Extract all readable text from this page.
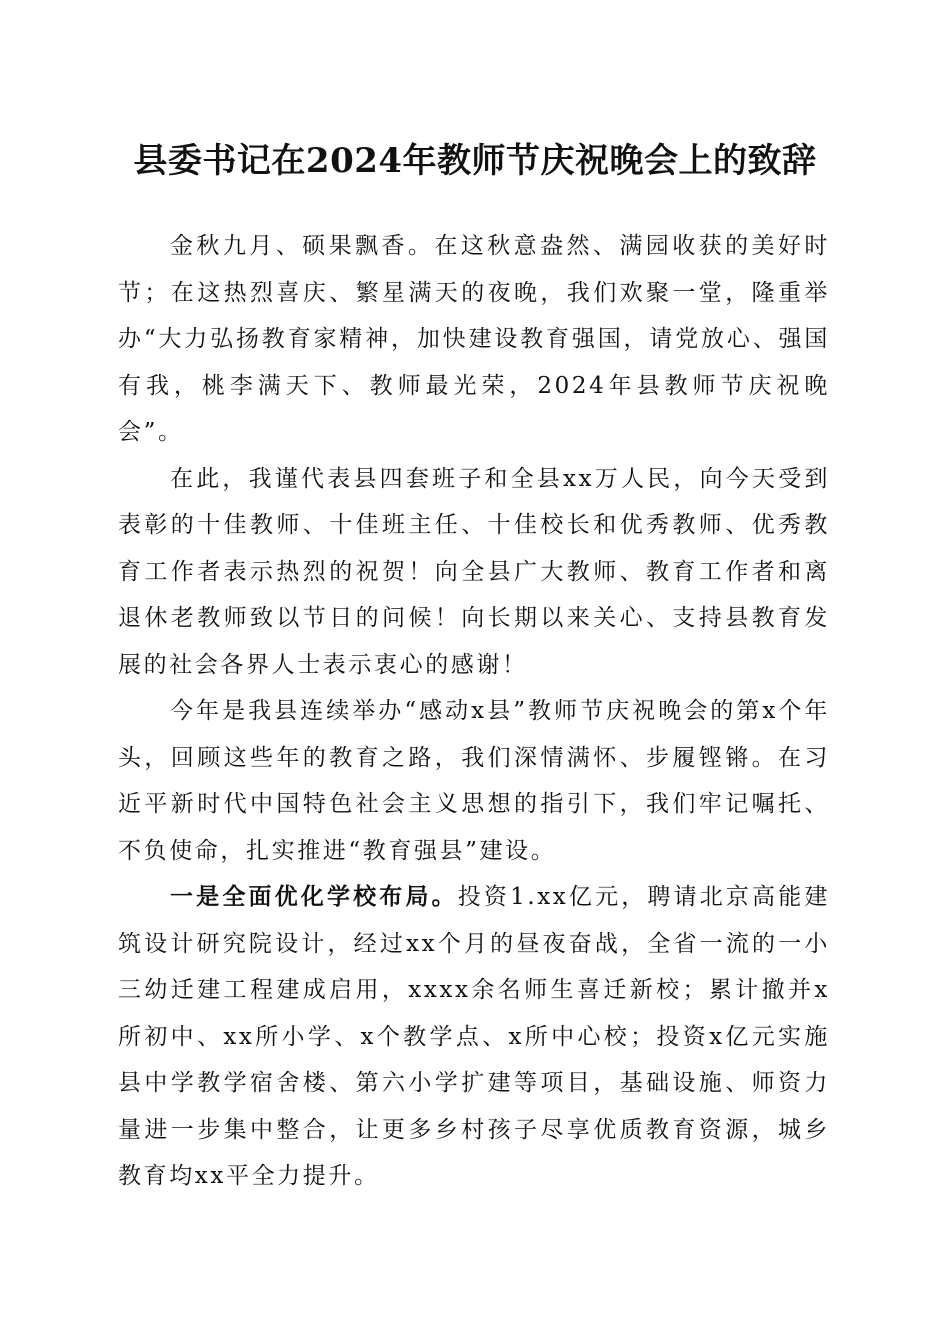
县委书记在2024年教师节庆祝晚会上的致辞

金秋九月、硕果飘香。在这秋意盎然、满园收获的美好时节；在这热烈喜庆、繁星满天的夜晚，我们欢聚一堂，隆重举办“大力弘扬教育家精神，加快建设教育强国，请党放心、强国有我，桃李满天下、教师最光荣，2024年县教师节庆祝晚会”。

在此，我谨代表县四套班子和全县xx万人民，向今天受到表彰的十佳教师、十佳班主任、十佳校长和优秀教师、优秀教育工作者表示热烈的祝贺！向全县广大教师、教育工作者和离退休老教师致以节日的问候！向长期以来关心、支持县教育发展的社会各界人士表示衷心的感谢！

今年是我县连续举办“感动x县”教师节庆祝晚会的第x个年头，回顾这些年的教育之路，我们深情满怀、步履铿锵。在习近平新时代中国特色社会主义思想的指引下，我们牢记嘱托、不负使命，扎实推进“教育强县”建设。

一是全面优化学校布局。投资1.xx亿元，聘请北京高能建筑设计研究院设计，经过xx个月的昼夜奋战，全省一流的一小三幼迁建工程建成启用，xxxx余名师生喜迁新校；累计撤并x所初中、xx所小学、x个教学点、x所中心校；投资x亿元实施县中学教学宿舍楼、第六小学扩建等项目，基础设施、师资力量进一步集中整合，让更多乡村孩子尽享优质教育资源，城乡教育均xx平全力提升。
